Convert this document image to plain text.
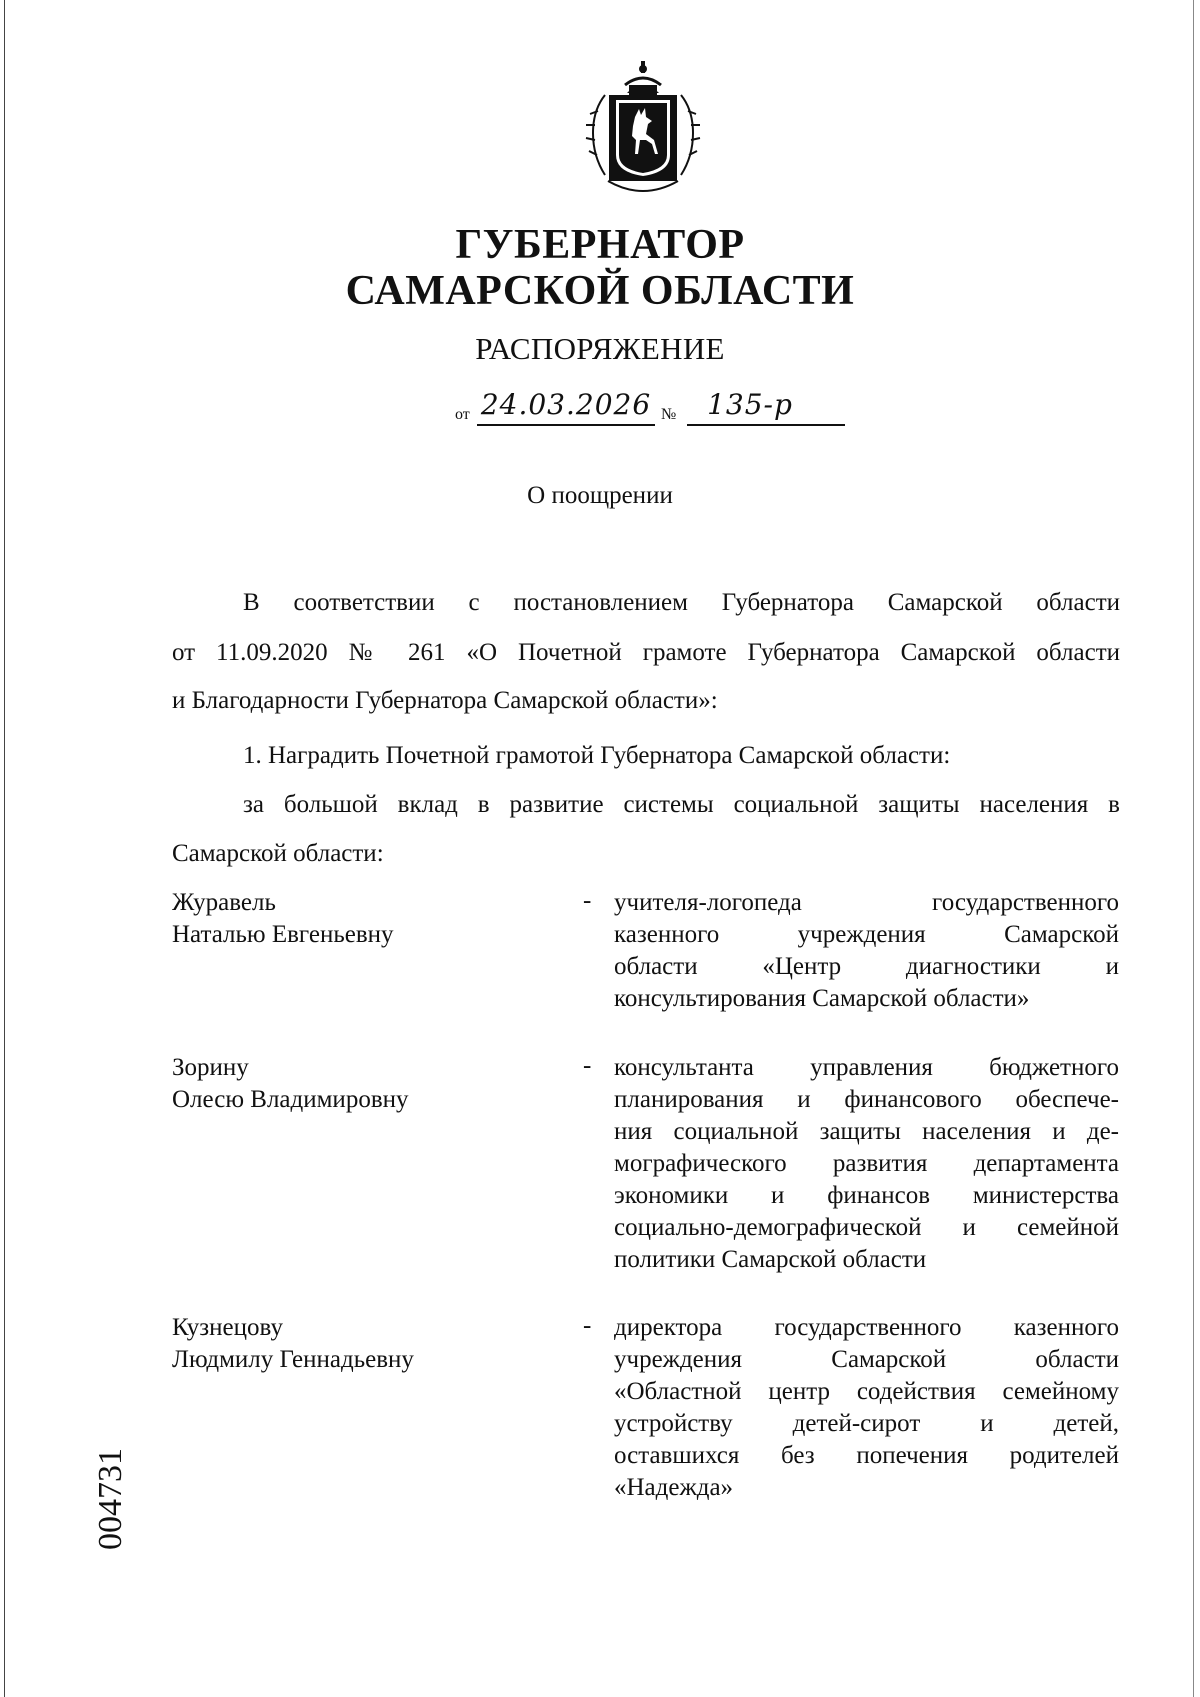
ГУБЕРНАТОР
САМАРСКОЙ ОБЛАСТИ
РАСПОРЯЖЕНИЕ
от 24.03.2026 №	135-р
О поощрении

В соответствии с постановлением Губернатора Самарской области

от 11.09.2020 № 261 «О Почетной грамоте Губернатора Самарской области

и Благодарности Губернатора Самарской области»:

1. Наградить Почетной грамотой Губернатора Самарской области:

за большой вклад в развитие системы социальной защиты населения в

Самарской области:

Журавель
Наталью Евгеньевну
- учителя-логопеда государственного
казенного учреждения Самарской
области «Центр диагностики и
консультирования Самарской области»
Зорину
Олесю Владимировну
- консультанта управления бюджетного
планирования и финансового обеспече-
ния социальной защиты населения и де-
мографического развития департамента
экономики и финансов министерства
социально-демографической и семейной
политики Самарской области
Кузнецову
Людмилу Геннадьевну
- директора государственного казенного
учреждения Самарской области
«Областной центр содействия семейному
устройству детей-сирот и детей,
оставшихся без попечения родителей
«Надежда»
004731
